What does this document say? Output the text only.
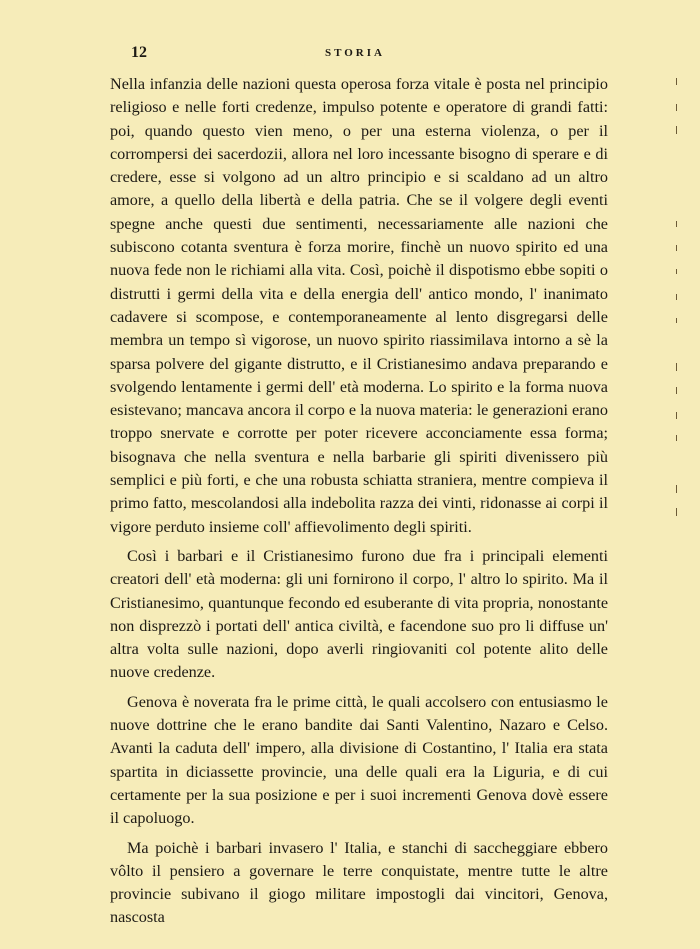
12	STORIA

Nella infanzia delle nazioni questa operosa forza vitale è posta nel principio religioso e nelle forti credenze, impulso potente e operatore di grandi fatti: poi, quando questo vien meno, o per una esterna violenza, o per il corrompersi dei sacerdozii, allora nel loro incessante bisogno di sperare e di credere, esse si volgono ad un altro principio e si scaldano ad un altro amore, a quello della libertà e della patria. Che se il volgere degli eventi spegne anche questi due sentimenti, necessariamente alle nazioni che subiscono cotanta sventura è forza morire, finchè un nuovo spirito ed una nuova fede non le richiami alla vita. Così, poichè il dispotismo ebbe sopiti o distrutti i germi della vita e della energia dell' antico mondo, l' inanimato cadavere si scompose, e contemporaneamente al lento disgregarsi delle membra un tempo sì vigorose, un nuovo spirito riassimilava intorno a sè la sparsa polvere del gigante distrutto, e il Cristianesimo andava preparando e svolgendo lentamente i germi dell' età moderna. Lo spirito e la forma nuova esistevano; mancava ancora il corpo e la nuova materia: le generazioni erano troppo snervate e corrotte per poter ricevere acconciamente essa forma; bisognava che nella sventura e nella barbarie gli spiriti divenissero più semplici e più forti, e che una robusta schiatta straniera, mentre compieva il primo fatto, mescolandosi alla indebolita razza dei vinti, ridonasse ai corpi il vigore perduto insieme coll' affievolimento degli spiriti.

Così i barbari e il Cristianesimo furono due fra i principali elementi creatori dell' età moderna: gli uni fornirono il corpo, l' altro lo spirito. Ma il Cristianesimo, quantunque fecondo ed esuberante di vita propria, nonostante non disprezzò i portati dell' antica civiltà, e facendone suo pro li diffuse un' altra volta sulle nazioni, dopo averli ringiovaniti col potente alito delle nuove credenze.

Genova è noverata fra le prime città, le quali accolsero con entusiasmo le nuove dottrine che le erano bandite dai Santi Valentino, Nazaro e Celso. Avanti la caduta dell' impero, alla divisione di Costantino, l' Italia era stata spartita in diciassette provincie, una delle quali era la Liguria, e di cui certamente per la sua posizione e per i suoi incrementi Genova dovè essere il capoluogo.

Ma poichè i barbari invasero l' Italia, e stanchi di saccheggiare ebbero vôlto il pensiero a governare le terre conquistate, mentre tutte le altre provincie subivano il giogo militare impostogli dai vincitori, Genova, nascosta
